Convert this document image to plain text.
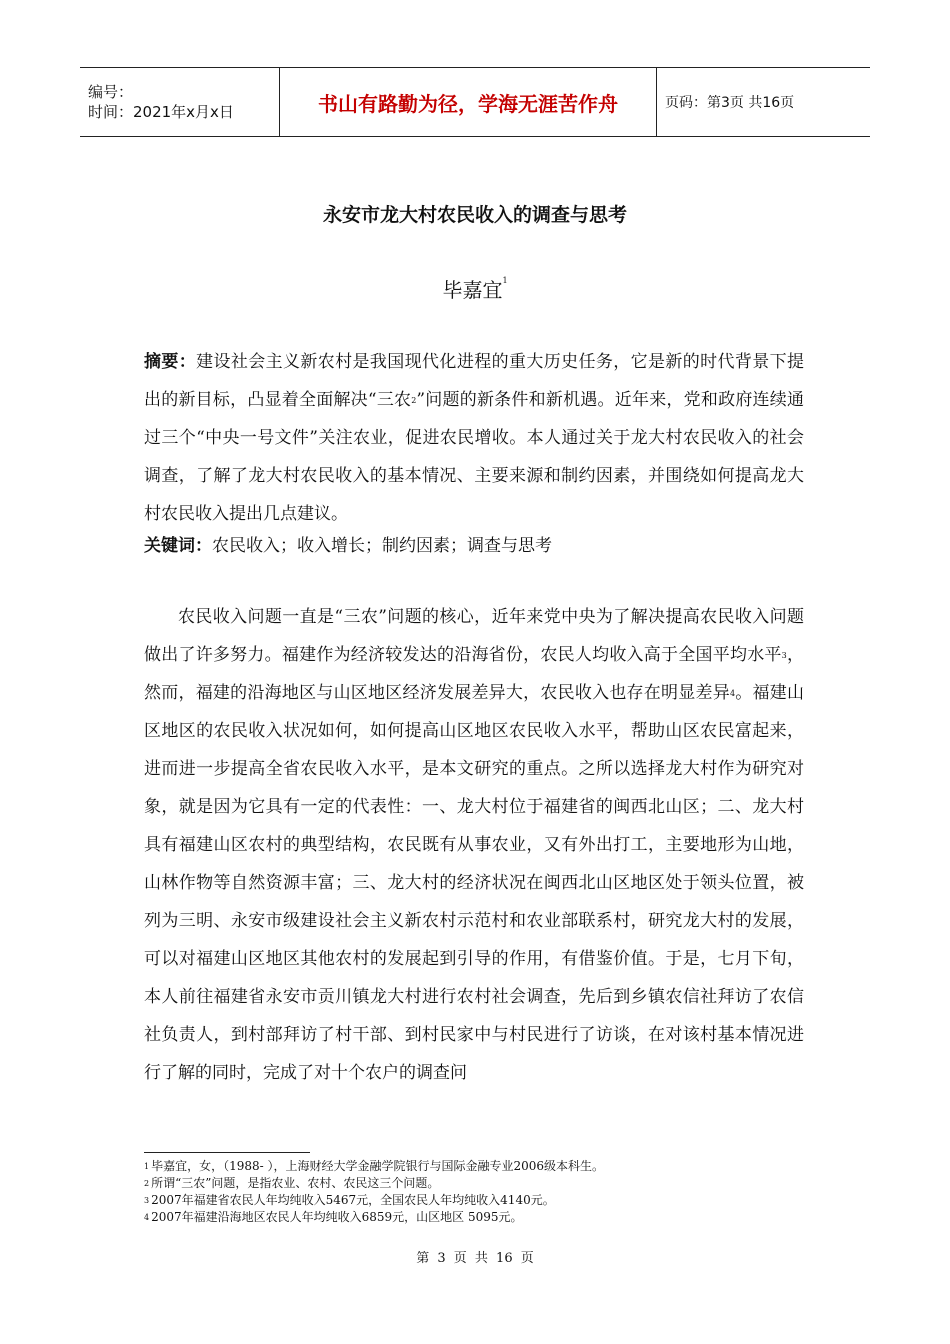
编号：
时间：2021年x月x日	书山有路勤为径，学海无涯苦作舟	页码：第3页 共16页
永安市龙大村农民收入的调查与思考
毕嘉宜$^1$
摘要：建设社会主义新农村是我国现代化进程的重大历史任务，它是新的时代背景下提出的新目标，凸显着全面解决“三农$^2$”问题的新条件和新机遇。近年来，党和政府连续通过三个“中央一号文件”关注农业，促进农民增收。本人通过关于龙大村农民收入的社会调查，了解了龙大村农民收入的基本情况、主要来源和制约因素，并围绕如何提高龙大村农民收入提出几点建议。
关键词：农民收入；收入增长；制约因素；调查与思考
农民收入问题一直是“三农”问题的核心，近年来党中央为了解决提高农民收入问题做出了许多努力。福建作为经济较发达的沿海省份，农民人均收入高于全国平均水平$^3$，然而，福建的沿海地区与山区地区经济发展差异大，农民收入也存在明显差异$^4$。福建山区地区的农民收入状况如何，如何提高山区地区农民收入水平，帮助山区农民富起来，进而进一步提高全省农民收入水平，是本文研究的重点。之所以选择龙大村作为研究对象，就是因为它具有一定的代表性：一、龙大村位于福建省的闽西北山区；二、龙大村具有福建山区农村的典型结构，农民既有从事农业，又有外出打工，主要地形为山地，山林作物等自然资源丰富；三、龙大村的经济状况在闽西北山区地区处于领头位置，被列为三明、永安市级建设社会主义新农村示范村和农业部联系村，研究龙大村的发展，可以对福建山区地区其他农村的发展起到引导的作用，有借鉴价值。于是，七月下旬，本人前往福建省永安市贡川镇龙大村进行农村社会调查，先后到乡镇农信社拜访了农信社负责人，到村部拜访了村干部、到村民家中与村民进行了访谈，在对该村基本情况进行了解的同时，完成了对十个农户的调查问
$^1$ 毕嘉宜，女，（1988- ），上海财经大学金融学院银行与国际金融专业2006级本科生。
$^2$ 所谓“三农”问题，是指农业、农村、农民这三个问题。
$^3$ 2007年福建省农民人年均纯收入5467元，全国农民人年均纯收入4140元。
$^4$ 2007年福建沿海地区农民人年均纯收入6859元，山区地区 5095元。
第 3 页 共 16 页
